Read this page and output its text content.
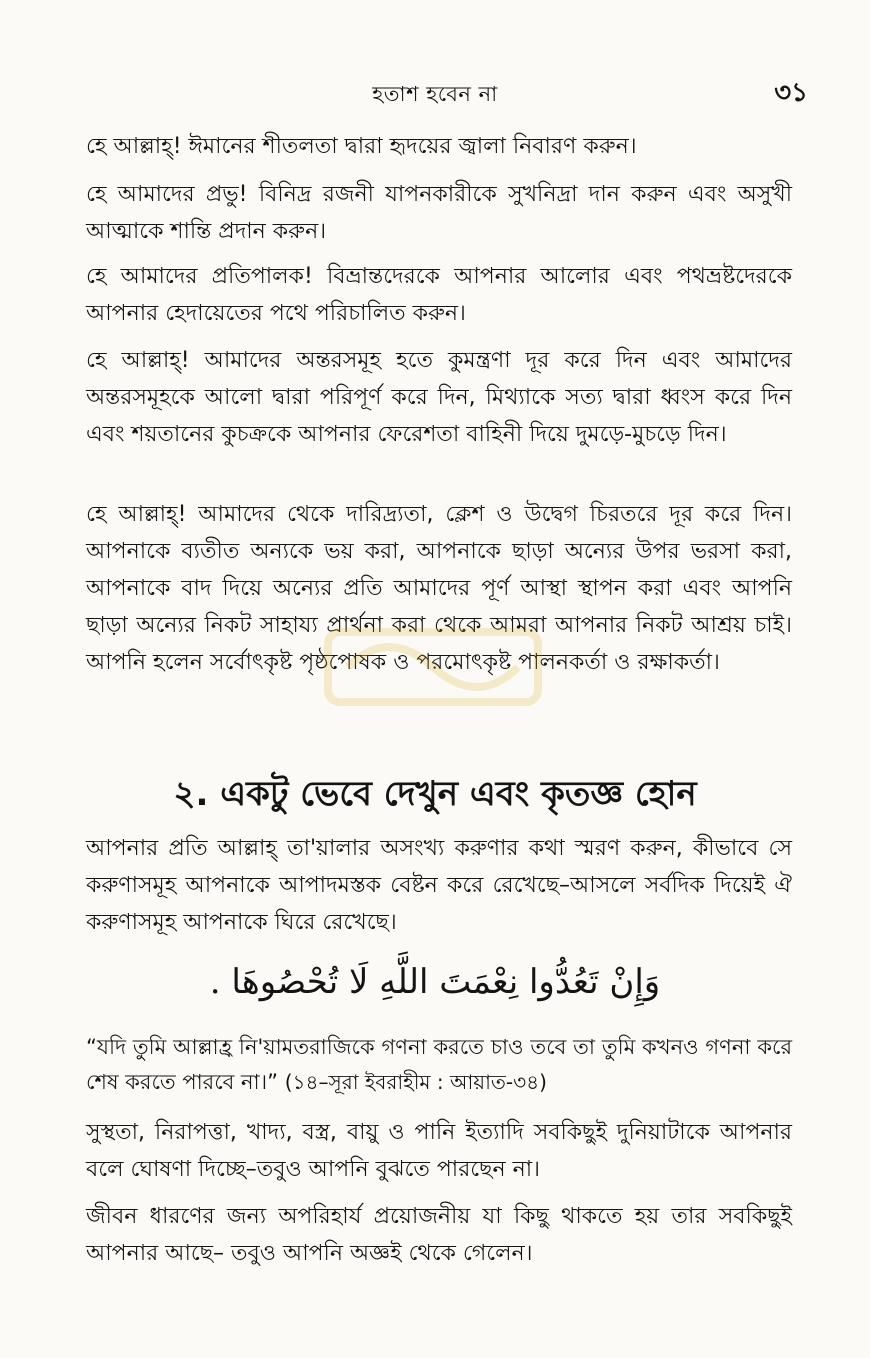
হতাশ হবেন না	৩১

হে আল্লাহ্! ঈমানের শীতলতা দ্বারা হৃদয়ের জ্বালা নিবারণ করুন।

হে আমাদের প্রভু! বিনিদ্র রজনী যাপনকারীকে সুখনিদ্রা দান করুন এবং অসুখী আত্মাকে শান্তি প্রদান করুন।

হে আমাদের প্রতিপালক! বিভ্রান্তদেরকে আপনার আলোর এবং পথভ্রষ্টদেরকে আপনার হেদায়েতের পথে পরিচালিত করুন।

হে আল্লাহ্! আমাদের অন্তরসমূহ হতে কুমন্ত্রণা দূর করে দিন এবং আমাদের অন্তরসমূহকে আলো দ্বারা পরিপূর্ণ করে দিন, মিথ্যাকে সত্য দ্বারা ধ্বংস করে দিন এবং শয়তানের কুচক্রকে আপনার ফেরেশতা বাহিনী দিয়ে দুমড়ে-মুচড়ে দিন।

হে আল্লাহ্! আমাদের থেকে দারিদ্র্যতা, ক্লেশ ও উদ্বেগ চিরতরে দূর করে দিন। আপনাকে ব্যতীত অন্যকে ভয় করা, আপনাকে ছাড়া অন্যের উপর ভরসা করা, আপনাকে বাদ দিয়ে অন্যের প্রতি আমাদের পূর্ণ আস্থা স্থাপন করা এবং আপনি ছাড়া অন্যের নিকট সাহায্য প্রার্থনা করা থেকে আমরা আপনার নিকট আশ্রয় চাই। আপনি হলেন সর্বোৎকৃষ্ট পৃষ্ঠপোষক ও পরমোৎকৃষ্ট পালনকর্তা ও রক্ষাকর্তা।

২. একটু ভেবে দেখুন এবং কৃতজ্ঞ হোন

আপনার প্রতি আল্লাহ্ তা'য়ালার অসংখ্য করুণার কথা স্মরণ করুন, কীভাবে সে করুণাসমূহ আপনাকে আপাদমস্তক বেষ্টন করে রেখেছে–আসলে সর্বদিক দিয়েই ঐ করুণাসমূহ আপনাকে ঘিরে রেখেছে।

وَإِنْ تَعُدُّوا نِعْمَتَ اللَّهِ لَا تُحْصُوهَا .

“যদি তুমি আল্লাহ্র নি'য়ামতরাজিকে গণনা করতে চাও তবে তা তুমি কখনও গণনা করে শেষ করতে পারবে না।” (১৪–সূরা ইবরাহীম : আয়াত-৩৪)

সুস্থতা, নিরাপত্তা, খাদ্য, বস্ত্র, বায়ু ও পানি ইত্যাদি সবকিছুই দুনিয়াটাকে আপনার বলে ঘোষণা দিচ্ছে–তবুও আপনি বুঝতে পারছেন না।

জীবন ধারণের জন্য অপরিহার্য প্রয়োজনীয় যা কিছু থাকতে হয় তার সবকিছুই আপনার আছে– তবুও আপনি অজ্ঞই থেকে গেলেন।
